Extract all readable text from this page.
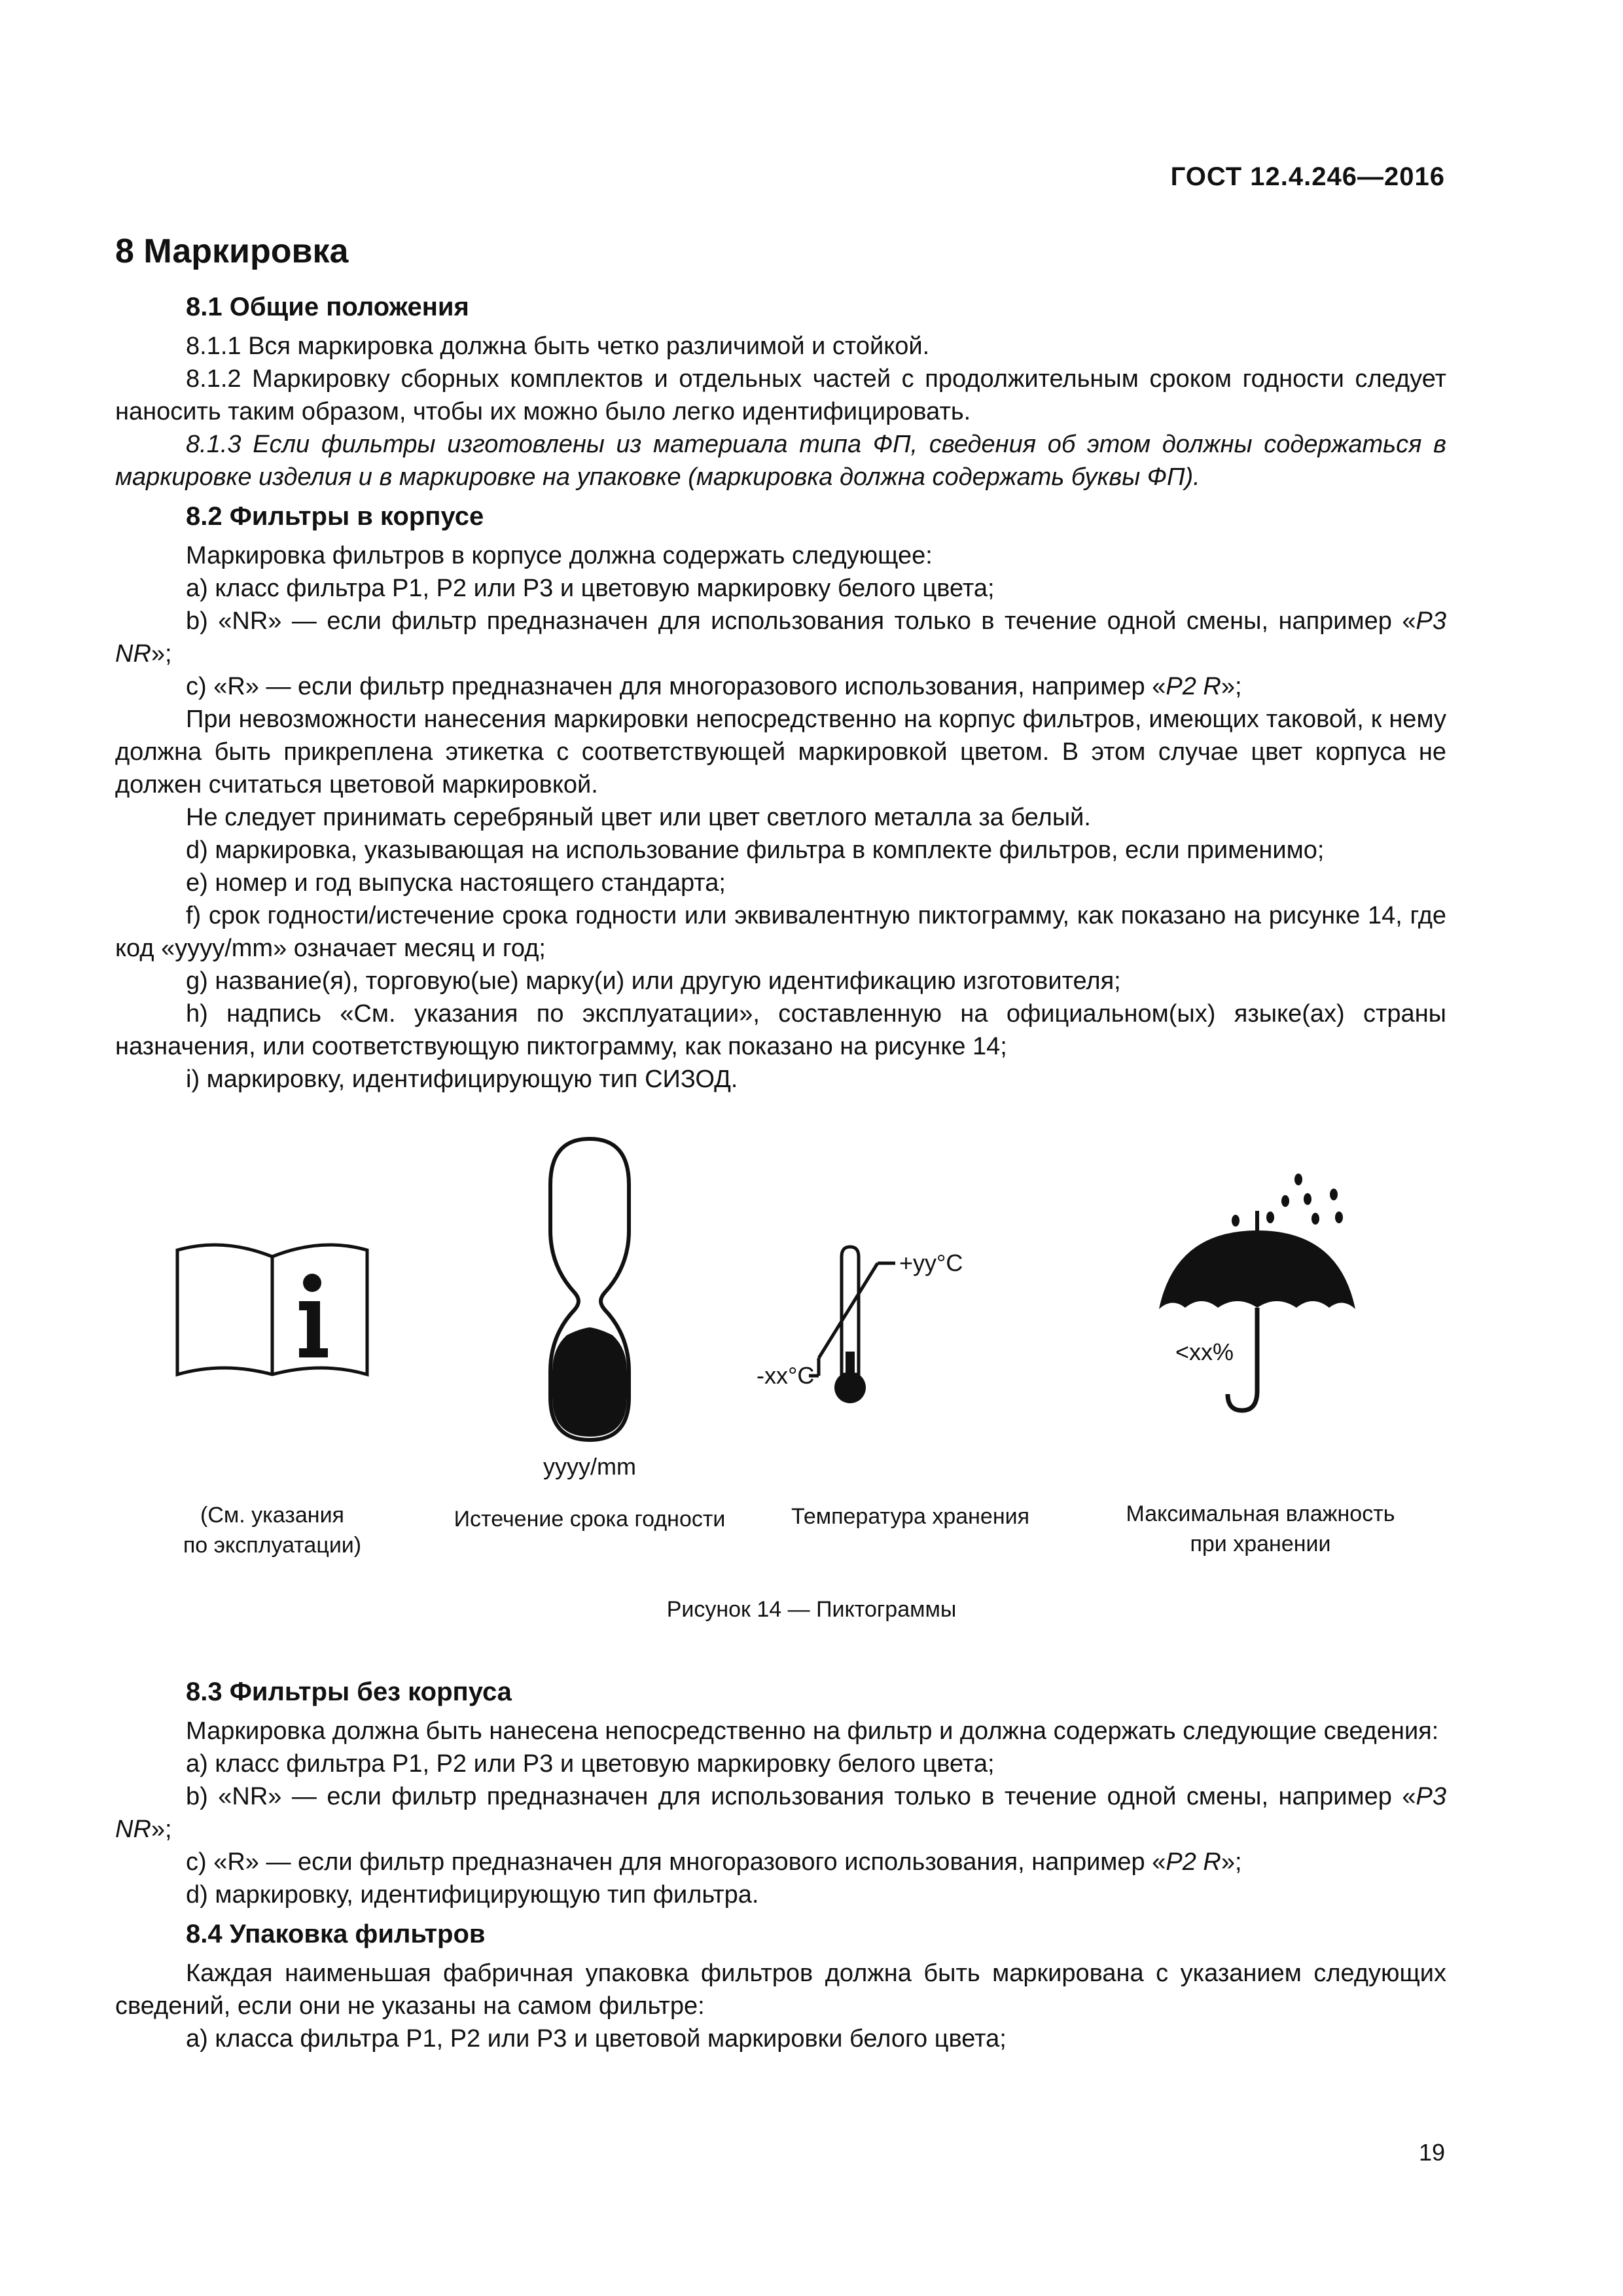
ГОСТ 12.4.246—2016
8 Маркировка
8.1 Общие положения

8.1.1 Вся маркировка должна быть четко различимой и стойкой.

8.1.2 Маркировку сборных комплектов и отдельных частей с продолжительным сроком годности следует наносить таким образом, чтобы их можно было легко идентифицировать.

8.1.3 Если фильтры изготовлены из материала типа ФП, сведения об этом должны содержаться в маркировке изделия и в маркировке на упаковке (маркировка должна содержать буквы ФП).

8.2 Фильтры в корпусе

Маркировка фильтров в корпусе должна содержать следующее:

a) класс фильтра Р1, Р2 или Р3 и цветовую маркировку белого цвета;

b) «NR» — если фильтр предназначен для использования только в течение одной смены, например «P3 NR»;

c) «R» — если фильтр предназначен для многоразового использования, например «P2 R»;

При невозможности нанесения маркировки непосредственно на корпус фильтров, имеющих таковой, к нему должна быть прикреплена этикетка с соответствующей маркировкой цветом. В этом случае цвет корпуса не должен считаться цветовой маркировкой.

Не следует принимать серебряный цвет или цвет светлого металла за белый.

d) маркировка, указывающая на использование фильтра в комплекте фильтров, если применимо;

e) номер и год выпуска настоящего стандарта;

f) срок годности/истечение срока годности или эквивалентную пиктограмму, как показано на рисунке 14, где код «yyyy/mm» означает месяц и год;

g) название(я), торговую(ые) марку(и) или другую идентификацию изготовителя;

h) надпись «См. указания по эксплуатации», составленную на официальном(ых) языке(ах) страны назначения, или соответствующую пиктограмму, как показано на рисунке 14;

i) маркировку, идентифицирующую тип СИЗОД.

(См. указания
по эксплуатации)
yyyy/mm
Истечение срока годности
+yy°C
-xx°C
Температура хранения
<xx%
Максимальная влажность
при хранении
Рисунок 14 — Пиктограммы
8.3 Фильтры без корпуса

Маркировка должна быть нанесена непосредственно на фильтр и должна содержать следующие сведения:

a) класс фильтра Р1, Р2 или Р3 и цветовую маркировку белого цвета;

b) «NR» — если фильтр предназначен для использования только в течение одной смены, например «P3 NR»;

c) «R» — если фильтр предназначен для многоразового использования, например «P2 R»;

d) маркировку, идентифицирующую тип фильтра.

8.4 Упаковка фильтров

Каждая наименьшая фабричная упаковка фильтров должна быть маркирована с указанием следующих сведений, если они не указаны на самом фильтре:

a) класса фильтра Р1, Р2 или Р3 и цветовой маркировки белого цвета;

19
